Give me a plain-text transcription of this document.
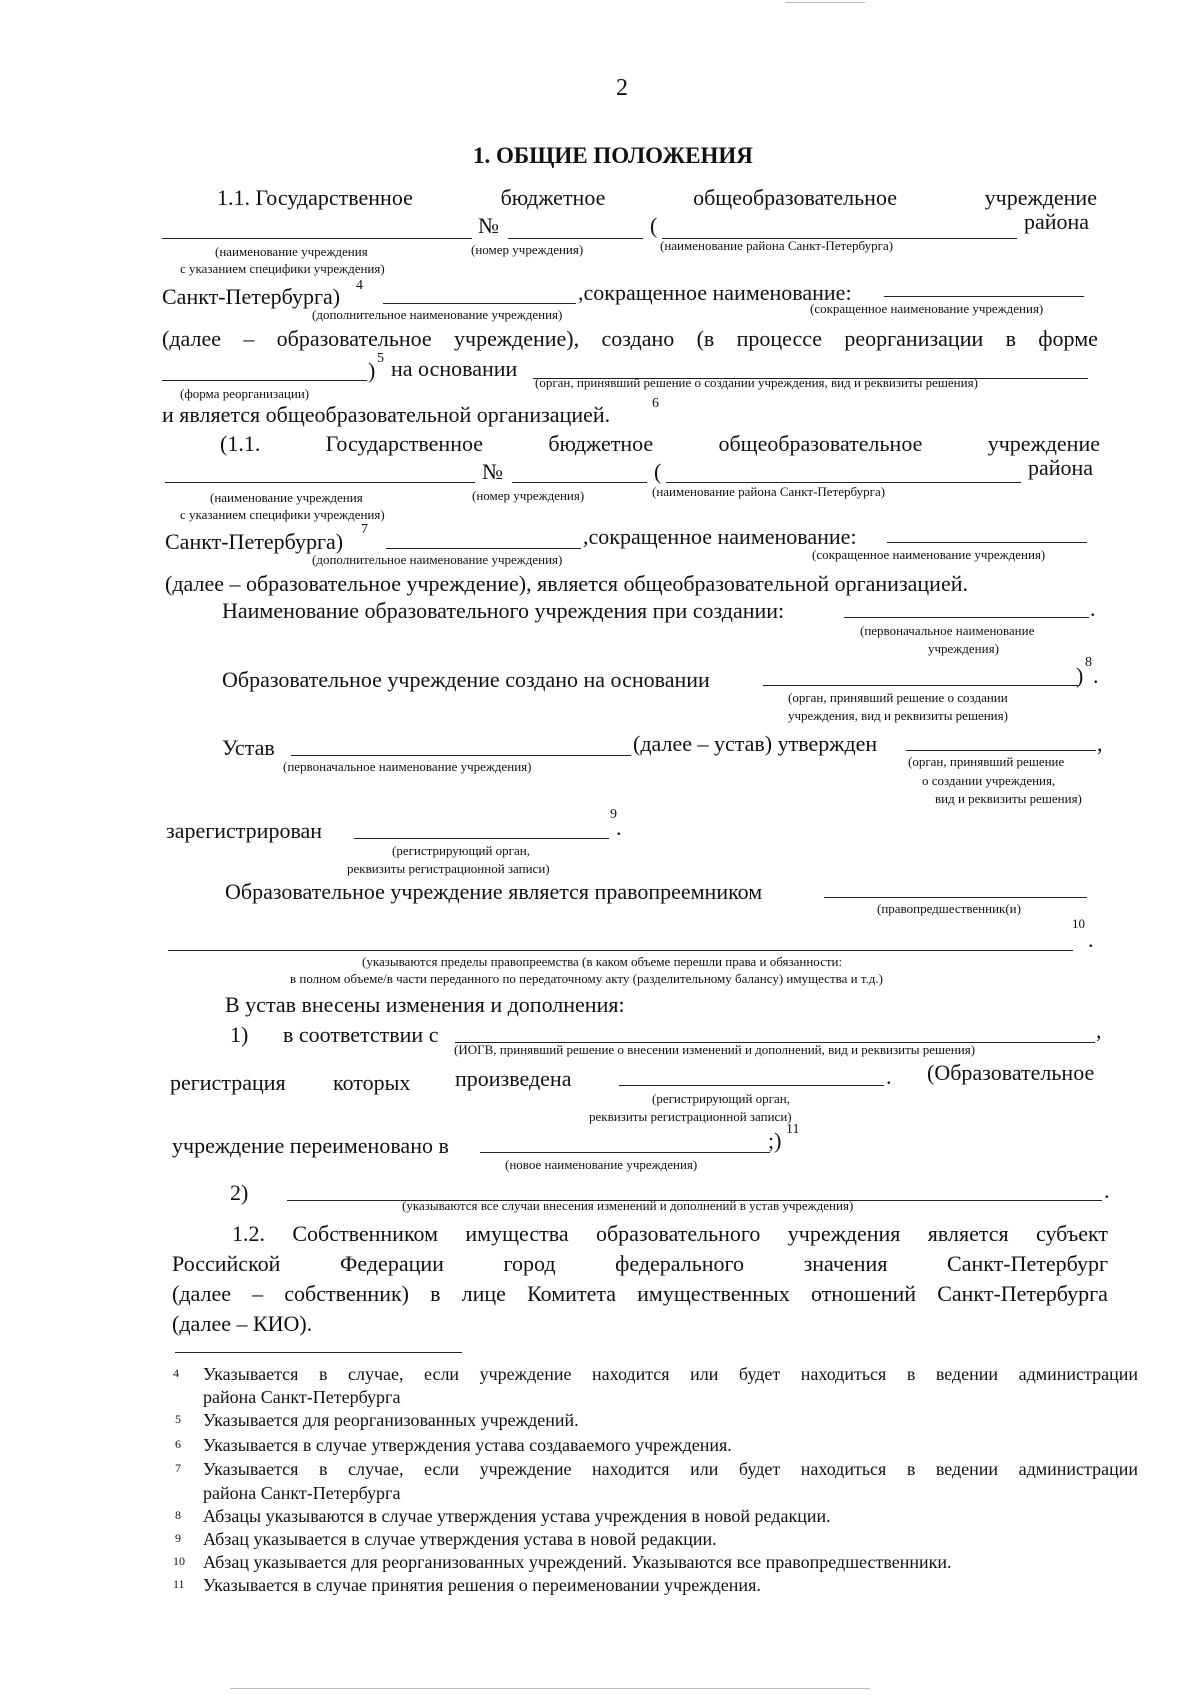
2
1. ОБЩИЕ ПОЛОЖЕНИЯ
1.1. Государственное	бюджетное	общеобразовательное	учреждение
№	(	района
(наименование учреждения
с указанием специфики учреждения)
(номер учреждения)	(наименование района Санкт-Петербурга)
Санкт-Петербурга) 4	,сокращенное наименование:
(дополнительное наименование учреждения)	(сокращенное наименование учреждения)
(далее – образовательное учреждение), создано (в процессе реорганизации в форме
) 5 на основании
(форма реорганизации)
(орган, принявший решение о создании учреждения, вид и реквизиты решения)
и является общеобразовательной организацией.	6
(1.1.	Государственное	бюджетное	общеобразовательное	учреждение
№	(	района
(наименование учреждения
с указанием специфики учреждения)
(номер учреждения)	(наименование района Санкт-Петербурга)
Санкт-Петербурга) 7	,сокращенное наименование:
(дополнительное наименование учреждения)	(сокращенное наименование учреждения)
(далее – образовательное учреждение), является общеобразовательной организацией.
Наименование образовательного учреждения при создании:	.
(первоначальное наименование
учреждения)
Образовательное учреждение создано на основании	)
8
.
(орган, принявший решение о создании
учреждения, вид и реквизиты решения)
Устав	(далее – устав) утвержден	,
(первоначальное наименование учреждения)	(орган, принявший решение
о создании учреждения,
вид и реквизиты решения)
зарегистрирован
9
.
(регистрирующий орган,
реквизиты регистрационной записи)
Образовательное учреждение является правопреемником
(правопредшественник(и)
10
.
(указываются пределы правопреемства (в каком объеме перешли права и обязанности:
в полном объеме/в части переданного по передаточному акту (разделительному балансу) имущества и т.д.)
В устав внесены изменения и дополнения:
1) в соответствии с	,
(ИОГВ, принявший решение о внесении изменений и дополнений, вид и реквизиты решения)
регистрация которых произведена	. (Образовательное
(регистрирующий орган,
реквизиты регистрационной записи)
учреждение переименовано в	;) 11
(новое наименование учреждения)
2)	.
(указываются все случаи внесения изменений и дополнений в устав учреждения)
1.2. Собственником имущества образовательного учреждения является субъект
Российской	Федерации	город	федерального	значения	Санкт-Петербург
(далее – собственник) в лице Комитета имущественных отношений Санкт-Петербурга
(далее – КИО).
4 Указывается в случае, если учреждение находится или будет находиться в ведении администрации
района Санкт-Петербурга
5 Указывается для реорганизованных учреждений.
6 Указывается в случае утверждения устава создаваемого учреждения.
7 Указывается в случае, если учреждение находится или будет находиться в ведении администрации
района Санкт-Петербурга
8 Абзацы указываются в случае утверждения устава учреждения в новой редакции.
9 Абзац указывается в случае утверждения устава в новой редакции.
10 Абзац указывается для реорганизованных учреждений. Указываются все правопредшественники.
11 Указывается в случае принятия решения о переименовании учреждения.
